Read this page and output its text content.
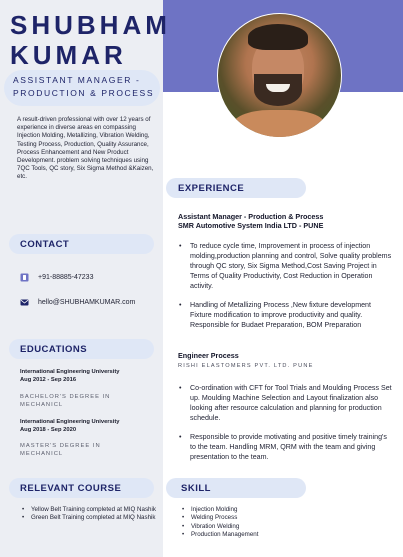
SHUBHAM
KUMAR
ASSISTANT MANAGER -
PRODUCTION & PROCESS
A result-driven professional with over 12 years of experience in diverse areas en compassing Injection Molding, Metallizing, Vibration Welding, Testing Process, Production, Quality Assurance, Process Enhancement and New Product Development. problem solving techniques using 7QC Tools, QC story, Six Sigma Method &Kaizen, etc.
CONTACT
+91-88885-47233
hello@SHUBHAMKUMAR.com
EDUCATIONS
International Engineering University
Aug 2012 - Sep 2016
BACHELOR'S DEGREE IN
MECHANICL
International Engineering University
Aug 2018 - Sep 2020
MASTER'S DEGREE IN
MECHANICL
RELEVANT COURSE
• Yellow Belt Training completed at MIQ Nashik
• Green Belt Training completed at MIQ Nashik
EXPERIENCE
Assistant Manager - Production & Process
SMR Automotive System India LTD - PUNE
• To reduce cycle time, Improvement in process of injection molding,production planning and control, Solve quality problems through QC story, Six Sigma Method,Cost Saving Project in Terms of Quality Productivity, Cost Reduction in Operation activity.
• Handling of Metallizing Process ,New fixture development Fixture modification to improve productivity and quality. Responsible for Budaet Preparation, BOM Preparation
Engineer Process
RISHI ELASTOMERS PVT. LTD. PUNE
• Co-ordination with CFT for Tool Trials and Moulding Process Set up. Moulding Machine Selection and Layout finalization also looking after resource calculation and planning for production schedule.
• Responsible to provide motivating and positive timely training's to the team. Handling MRM, QRM with the team and giving presentation to the team.
SKILL
• Injection Molding
• Welding Process
• Vibration Welding
• Production Management
